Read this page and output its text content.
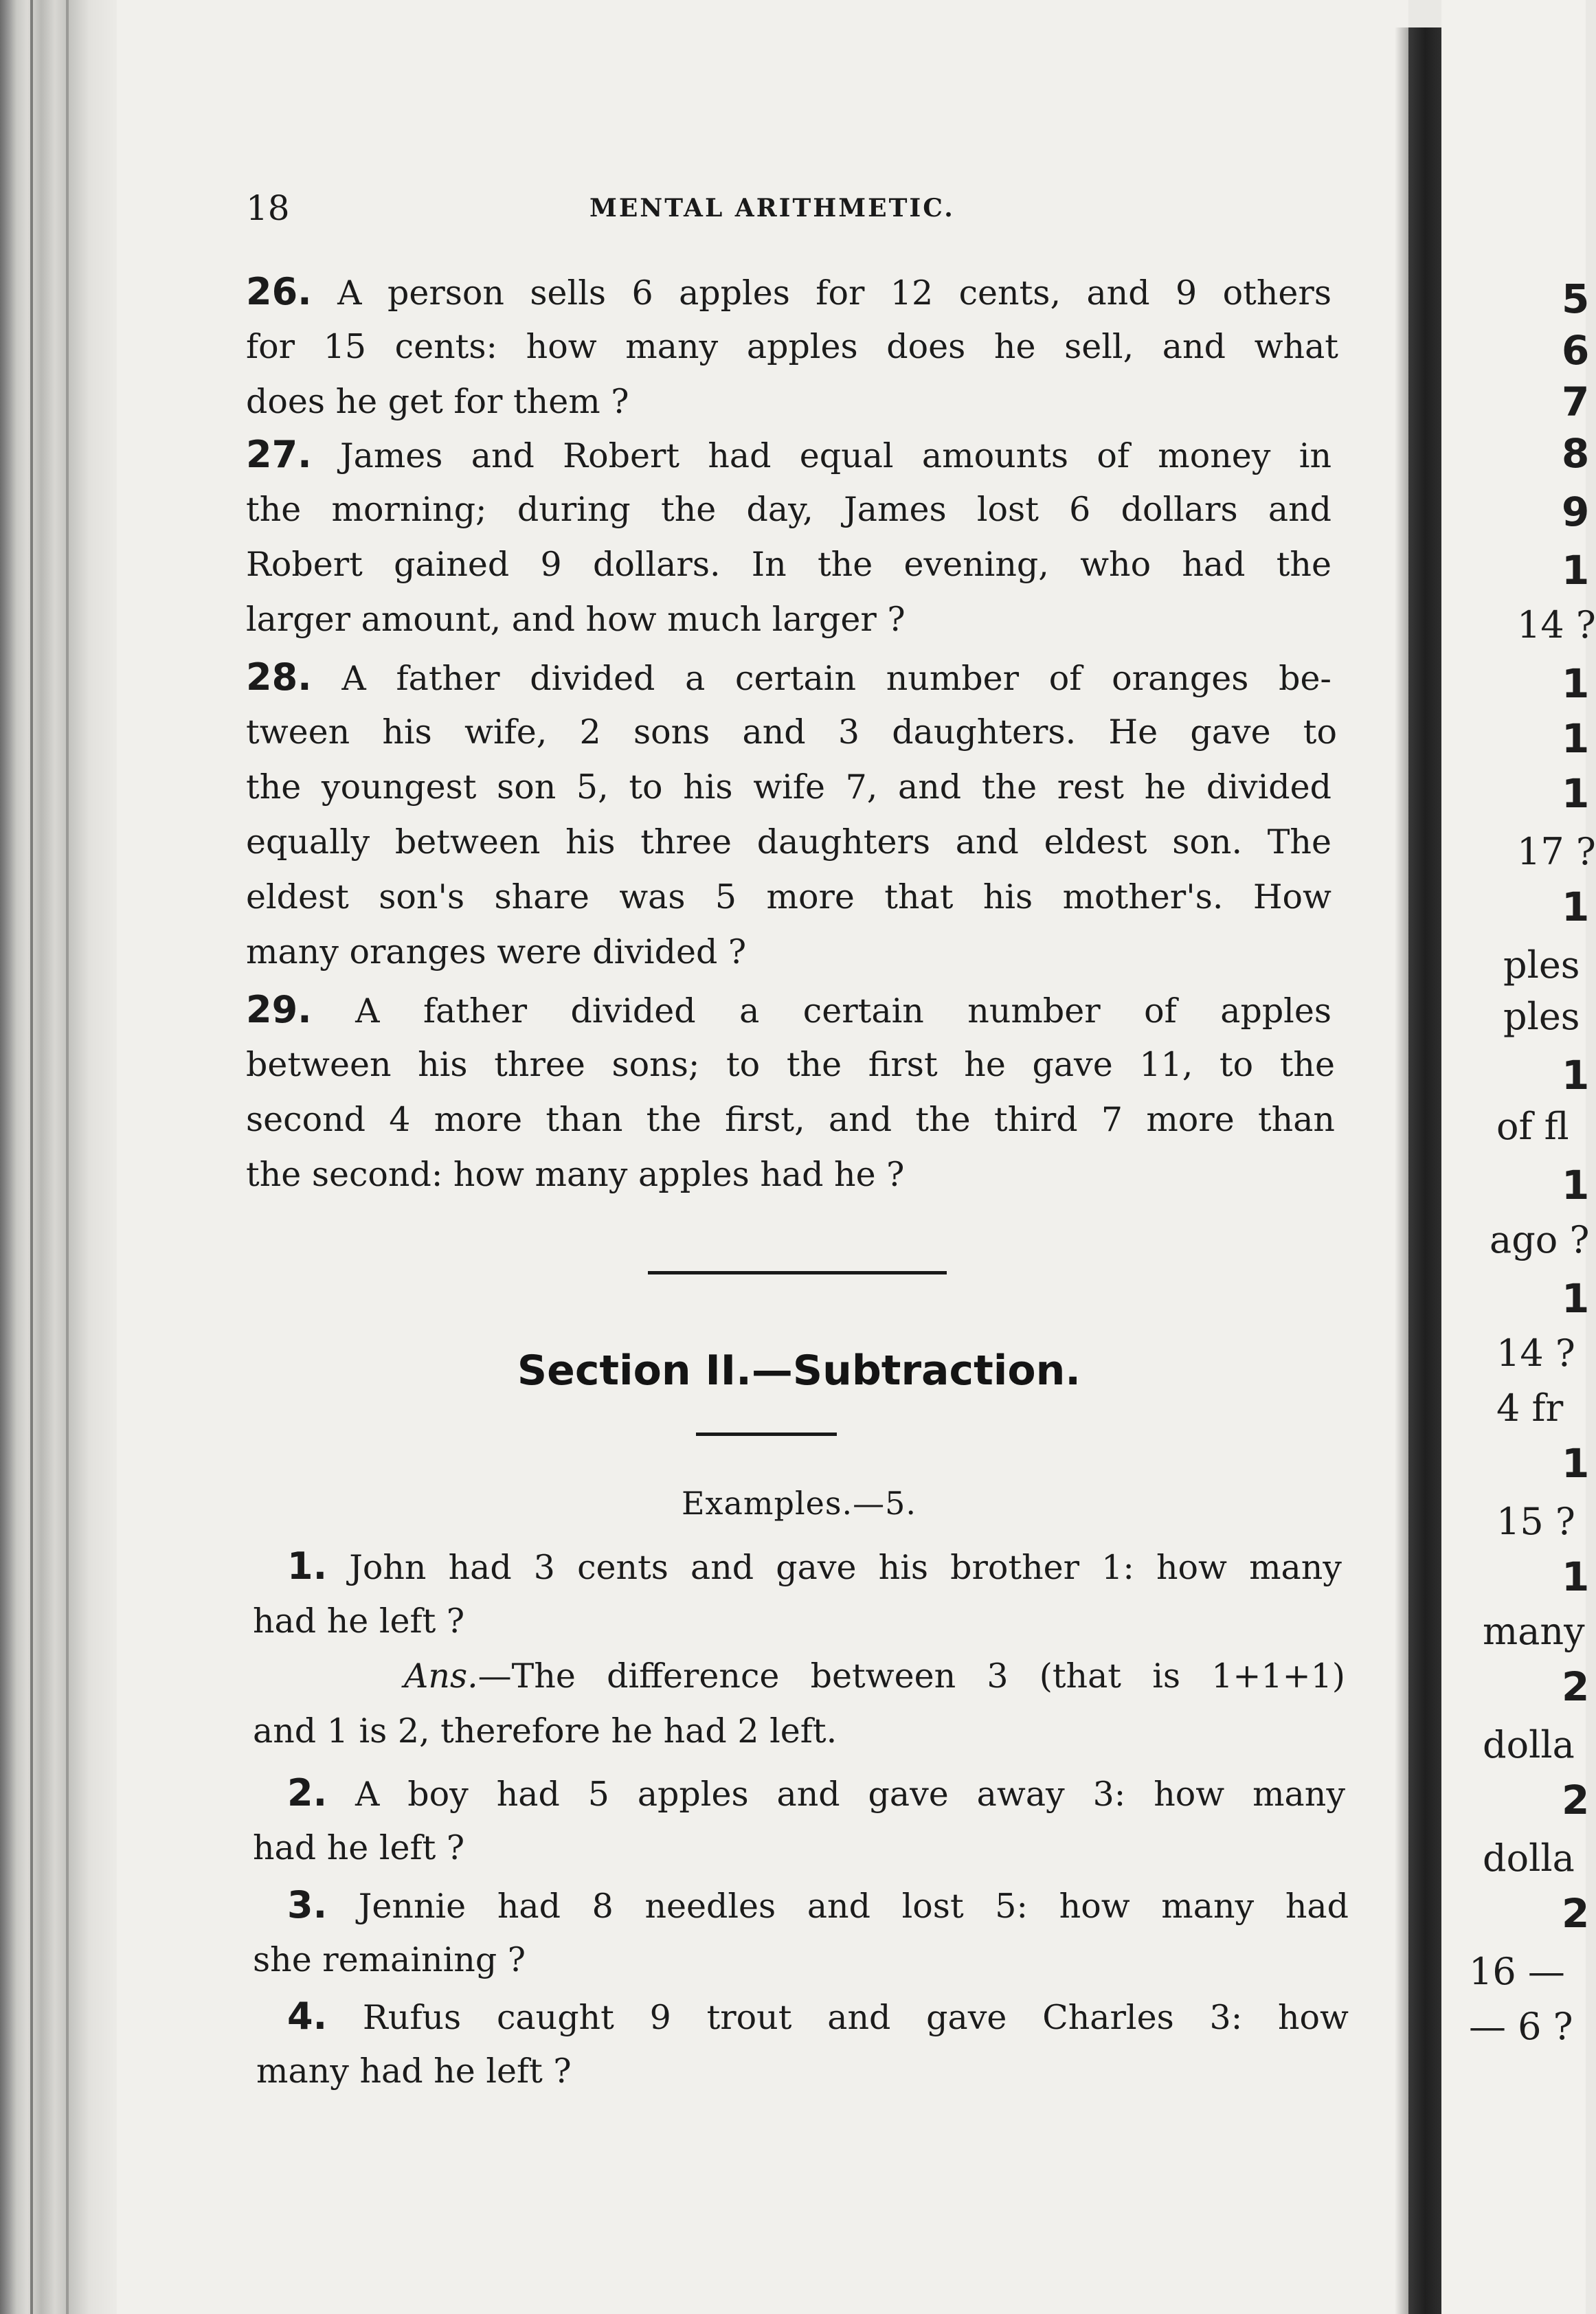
5
6
7
8
9
1
14 ?
1
1
1
17 ?
1
ples
ples
1
of fl
1
ago ?
1
14 ?
4 fr
1
15 ?
1
many
2
dolla
2
dolla
2
16 —
— 6 ?
18	MENTAL ARITHMETIC.
26. A person sells 6 apples for 12 cents, and 9 others
for 15 cents: how many apples does he sell, and what
does he get for them ?
27. James and Robert had equal amounts of money in
the morning; during the day, James lost 6 dollars and
Robert gained 9 dollars. In the evening, who had the
larger amount, and how much larger ?
28. A father divided a certain number of oranges be-
tween his wife, 2 sons and 3 daughters. He gave to
the youngest son 5, to his wife 7, and the rest he divided
equally between his three daughters and eldest son. The
eldest son's share was 5 more that his mother's. How
many oranges were divided ?
29. A father divided a certain number of apples
between his three sons; to the first he gave 11, to the
second 4 more than the first, and the third 7 more than
the second: how many apples had he ?
Section II.—Subtraction.
Examples.—5.
1. John had 3 cents and gave his brother 1: how many
had he left ?
Ans.—The difference between 3 (that is 1+1+1)
and 1 is 2, therefore he had 2 left.
2. A boy had 5 apples and gave away 3: how many
had he left ?
3. Jennie had 8 needles and lost 5: how many had
she remaining ?
4. Rufus caught 9 trout and gave Charles 3: how
many had he left ?
